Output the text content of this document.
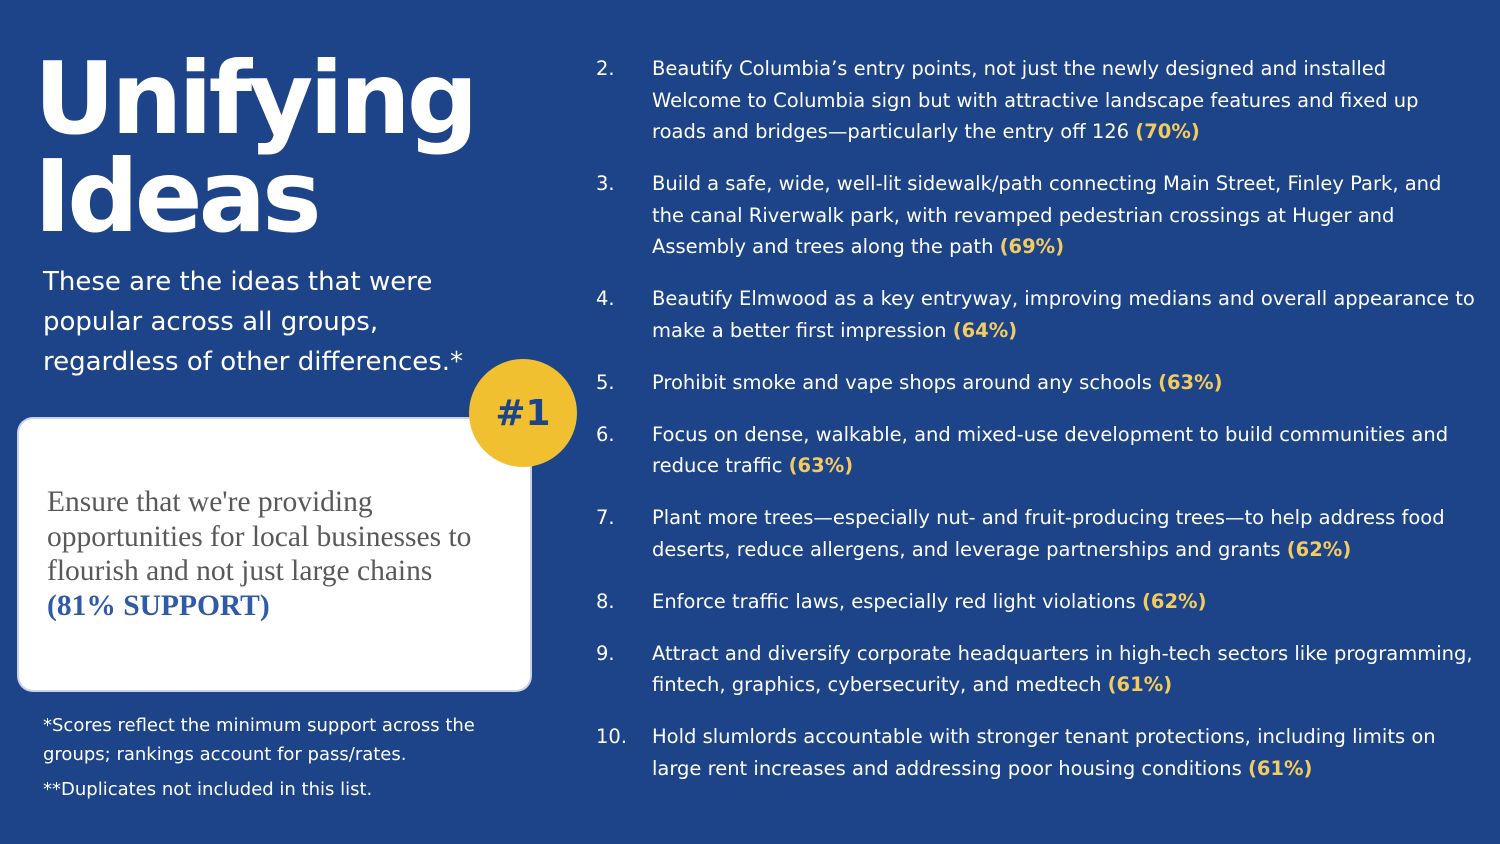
Unifying
Ideas

These are the ideas that were popular across all groups, regardless of other differences.*

Ensure that we're providing opportunities for local businesses to flourish and not just large chains (81% SUPPORT)
#1

*Scores reflect the minimum support across the groups; rankings account for pass/rates.

**Duplicates not included in this list.

2.	Beautify Columbia’s entry points, not just the newly designed and installed Welcome to Columbia sign but with attractive landscape features and fixed up roads and bridges—particularly the entry off 126 (70%)
3.	Build a safe, wide, well-lit sidewalk/path connecting Main Street, Finley Park, and the canal Riverwalk park, with revamped pedestrian crossings at Huger and Assembly and trees along the path (69%)
4.	Beautify Elmwood as a key entryway, improving medians and overall appearance to make a better first impression (64%)
5.	Prohibit smoke and vape shops around any schools (63%)
6.	Focus on dense, walkable, and mixed-use development to build communities and reduce traffic (63%)
7.	Plant more trees—especially nut- and fruit-producing trees—to help address food deserts, reduce allergens, and leverage partnerships and grants (62%)
8.	Enforce traffic laws, especially red light violations (62%)
9.	Attract and diversify corporate headquarters in high-tech sectors like programming, fintech, graphics, cybersecurity, and medtech (61%)
10.	Hold slumlords accountable with stronger tenant protections, including limits on large rent increases and addressing poor housing conditions (61%)
